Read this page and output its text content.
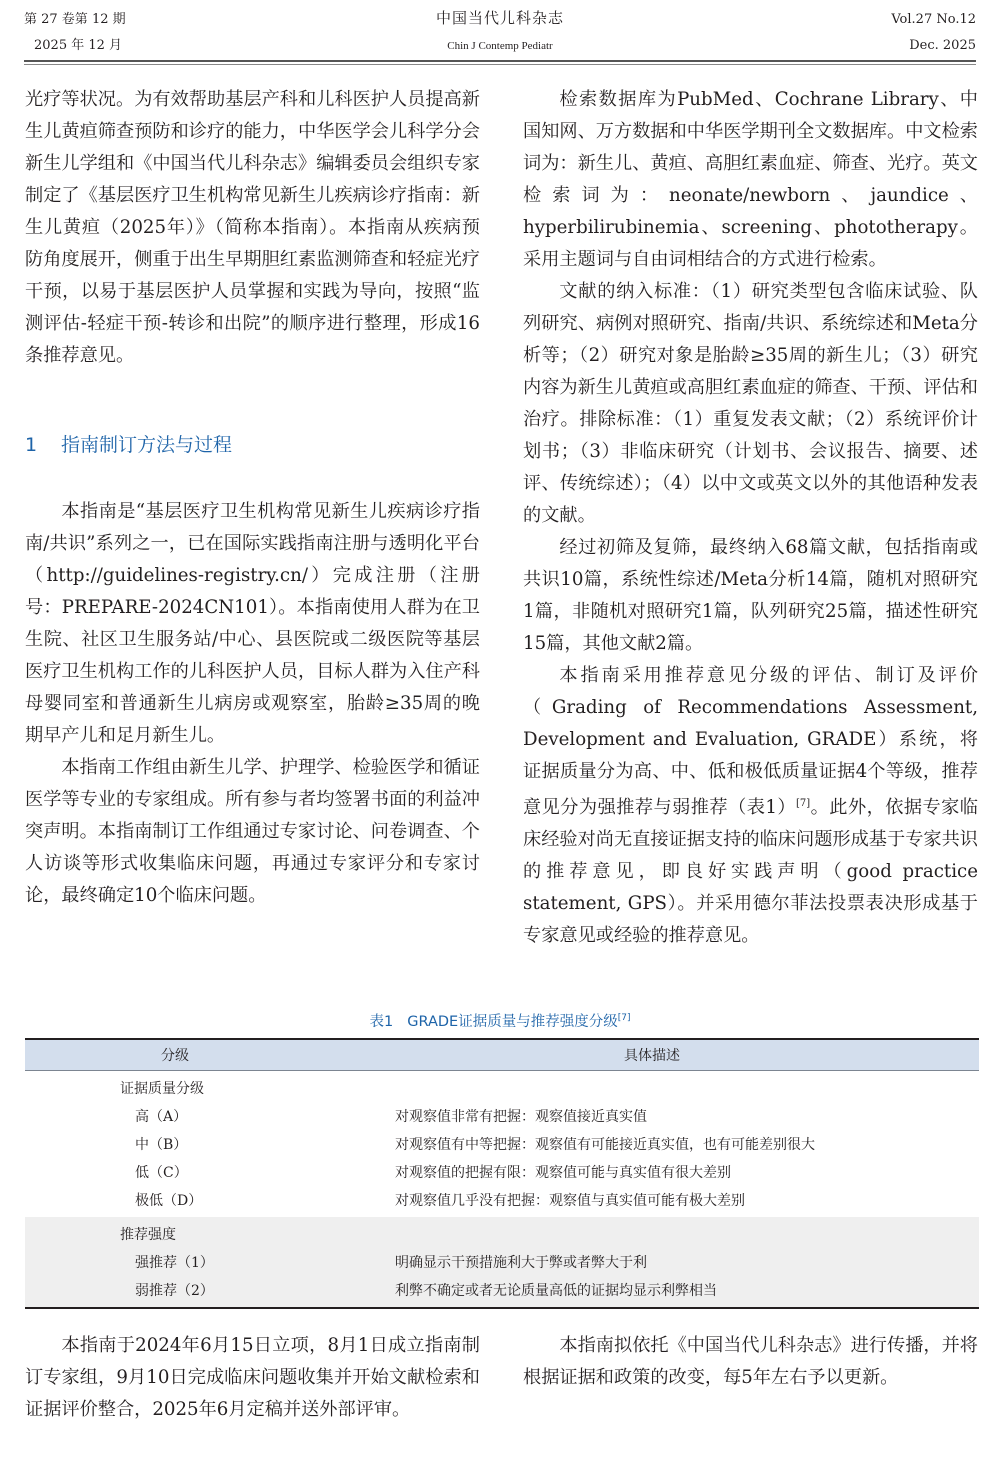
第 27 卷第 12 期
2025 年 12 月
中国当代儿科杂志
Chin J Contemp Pediatr
Vol.27 No.12
Dec. 2025

光疗等状况。为有效帮助基层产科和儿科医护人员提高新生儿黄疸筛查预防和诊疗的能力，中华医学会儿科学分会新生儿学组和《中国当代儿科杂志》编辑委员会组织专家制定了《基层医疗卫生机构常见新生儿疾病诊疗指南：新生儿黄疸（2025年）》（简称本指南）。本指南从疾病预防角度展开，侧重于出生早期胆红素监测筛查和轻症光疗干预，以易于基层医护人员掌握和实践为导向，按照“监测评估-轻症干预-转诊和出院”的顺序进行整理，形成16条推荐意见。

1 指南制订方法与过程

本指南是“基层医疗卫生机构常见新生儿疾病诊疗指南/共识”系列之一，已在国际实践指南注册与透明化平台（http://guidelines-registry.cn/）完成注册（注册号：PREPARE-2024CN101）。本指南使用人群为在卫生院、社区卫生服务站/中心、县医院或二级医院等基层医疗卫生机构工作的儿科医护人员，目标人群为入住产科母婴同室和普通新生儿病房或观察室，胎龄≥35周的晚期早产儿和足月新生儿。

本指南工作组由新生儿学、护理学、检验医学和循证医学等专业的专家组成。所有参与者均签署书面的利益冲突声明。本指南制订工作组通过专家讨论、问卷调查、个人访谈等形式收集临床问题，再通过专家评分和专家讨论，最终确定10个临床问题。

检索数据库为PubMed、Cochrane Library、中国知网、万方数据和中华医学期刊全文数据库。中文检索词为：新生儿、黄疸、高胆红素血症、筛查、光疗。英文检索词为：neonate/newborn、jaundice、hyperbilirubinemia、screening、phototherapy。采用主题词与自由词相结合的方式进行检索。

文献的纳入标准：（1）研究类型包含临床试验、队列研究、病例对照研究、指南/共识、系统综述和Meta分析等；（2）研究对象是胎龄≥35周的新生儿；（3）研究内容为新生儿黄疸或高胆红素血症的筛查、干预、评估和治疗。排除标准：（1）重复发表文献；（2）系统评价计划书；（3）非临床研究（计划书、会议报告、摘要、述评、传统综述）；（4）以中文或英文以外的其他语种发表的文献。

经过初筛及复筛，最终纳入68篇文献，包括指南或共识10篇，系统性综述/Meta分析14篇，随机对照研究1篇，非随机对照研究1篇，队列研究25篇，描述性研究15篇，其他文献2篇。

本指南采用推荐意见分级的评估、制订及评价（Grading of Recommendations Assessment, Development and Evaluation, GRADE）系统，将证据质量分为高、中、低和极低质量证据4个等级，推荐意见分为强推荐与弱推荐（表1）[7]。此外，依据专家临床经验对尚无直接证据支持的临床问题形成基于专家共识的推荐意见，即良好实践声明（good practice statement, GPS）。并采用德尔菲法投票表决形成基于专家意见或经验的推荐意见。

表1 GRADE证据质量与推荐强度分级[7]
分级	具体描述
证据质量分级
高（A）	对观察值非常有把握：观察值接近真实值
中（B）	对观察值有中等把握：观察值有可能接近真实值，也有可能差别很大
低（C）	对观察值的把握有限：观察值可能与真实值有很大差别
极低（D）	对观察值几乎没有把握：观察值与真实值可能有极大差别
推荐强度
强推荐（1）	明确显示干预措施利大于弊或者弊大于利
弱推荐（2）	利弊不确定或者无论质量高低的证据均显示利弊相当

本指南于2024年6月15日立项，8月1日成立指南制订专家组，9月10日完成临床问题收集并开始文献检索和证据评价整合，2025年6月定稿并送外部评审。

本指南拟依托《中国当代儿科杂志》进行传播，并将根据证据和政策的改变，每5年左右予以更新。
